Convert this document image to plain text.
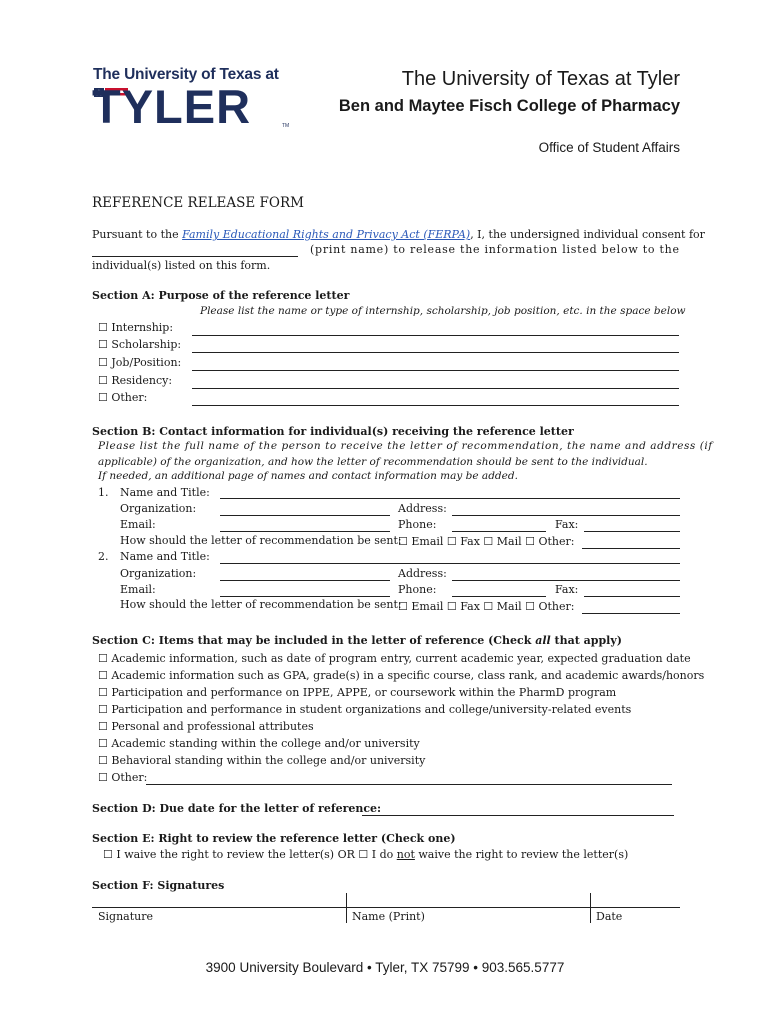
The University of Texas at
TYLER	TM
The University of Texas at Tyler
Ben and Maytee Fisch College of Pharmacy
Office of Student Affairs
REFERENCE RELEASE FORM
Pursuant to the Family Educational Rights and Privacy Act (FERPA), I, the undersigned individual consent for
(print name) to release the information listed below to the
individual(s) listed on this form.
Section A: Purpose of the reference letter
Please list the name or type of internship, scholarship, job position, etc. in the space below
☐ Internship:
☐ Scholarship:
☐ Job/Position:
☐ Residency:
☐ Other:
Section B: Contact information for individual(s) receiving the reference letter
Please list the full name of the person to receive the letter of recommendation, the name and address (if
applicable) of the organization, and how the letter of recommendation should be sent to the individual.
If needed, an additional page of names and contact information may be added.
1. Name and Title:
Organization:	Address:
Email:	Phone:	Fax:
How should the letter of recommendation be sent:
☐ Email ☐ Fax ☐ Mail ☐ Other:
2. Name and Title:
Organization:	Address:
Email:	Phone:	Fax:
How should the letter of recommendation be sent:
☐ Email ☐ Fax ☐ Mail ☐ Other:
Section C: Items that may be included in the letter of reference (Check all that apply)
☐ Academic information, such as date of program entry, current academic year, expected graduation date
☐ Academic information such as GPA, grade(s) in a specific course, class rank, and academic awards/honors
☐ Participation and performance on IPPE, APPE, or coursework within the PharmD program
☐ Participation and performance in student organizations and college/university-related events
☐ Personal and professional attributes
☐ Academic standing within the college and/or university
☐ Behavioral standing within the college and/or university
☐ Other:
Section D: Due date for the letter of reference:
Section E: Right to review the reference letter (Check one)
☐ I waive the right to review the letter(s) OR ☐ I do not waive the right to review the letter(s)
Section F: Signatures
Signature	Name (Print)	Date
3900 University Boulevard • Tyler, TX 75799 • 903.565.5777
